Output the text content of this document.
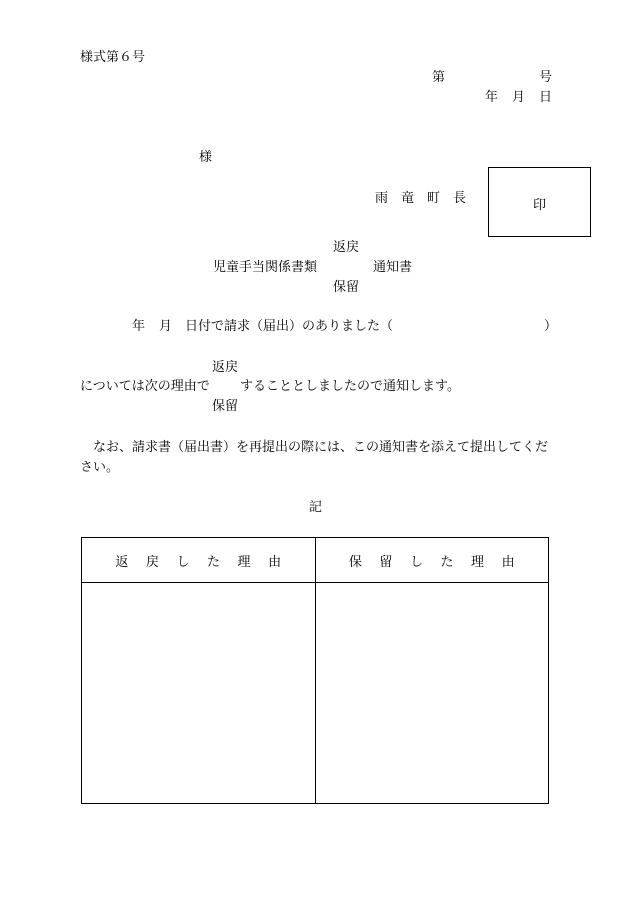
様式第６号
第	号
年 月 日
様
雨　竜　町　長	印
返戻
児童手当関係書類	通知書
保留
年 月 日付で請求（届出）のありました（	）
返戻
については次の理由で することとしましたので通知します。
保留
なお、請求書（届出書）を再提出の際には、この通知書を添えて提出してください。
記
返戻した理由	保留した理由
